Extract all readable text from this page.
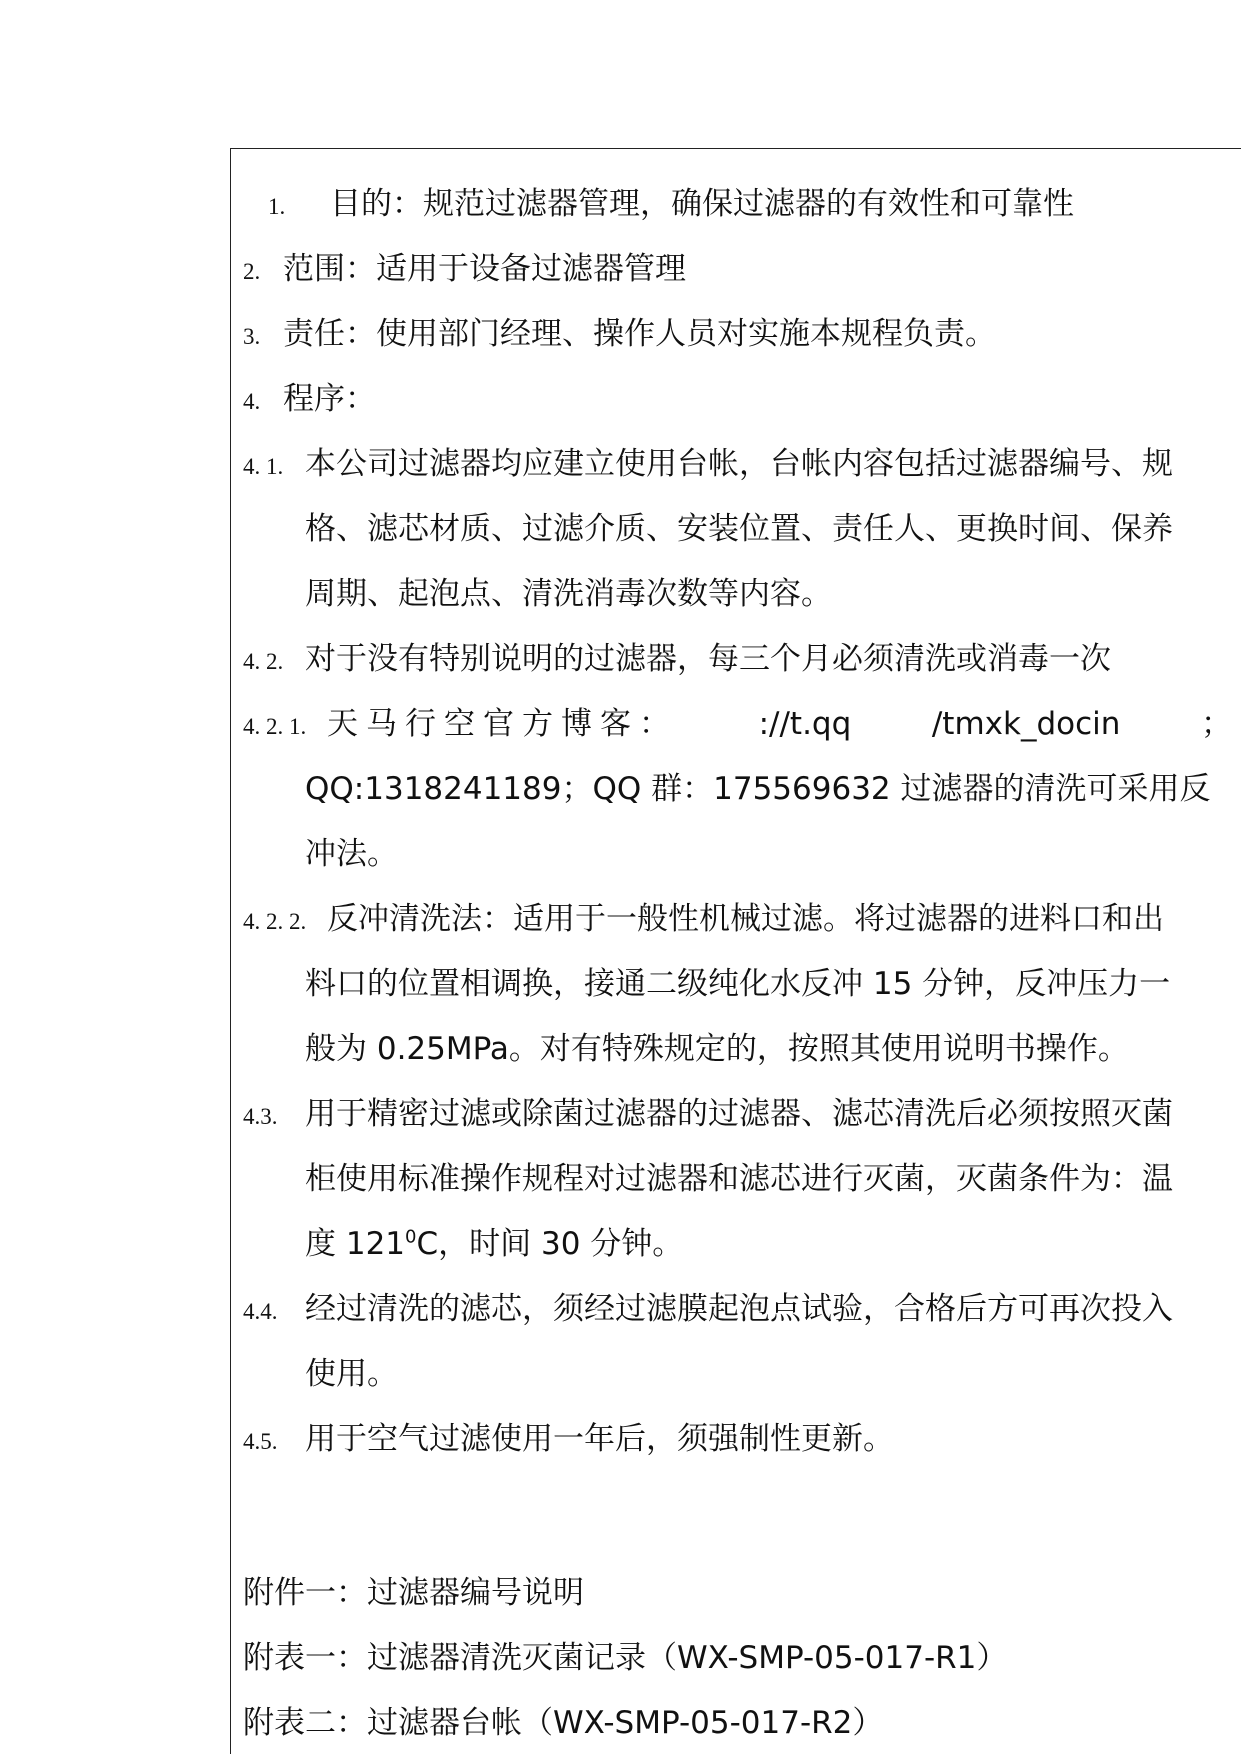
1.	目的：规范过滤器管理，确保过滤器的有效性和可靠性
2. 范围：适用于设备过滤器管理
3. 责任：使用部门经理、操作人员对实施本规程负责。
4. 程序：
4. 1. 本公司过滤器均应建立使用台帐，台帐内容包括过滤器编号、规
格、滤芯材质、过滤介质、安装位置、责任人、更换时间、保养
周期、起泡点、清洗消毒次数等内容。
4. 2. 对于没有特别说明的过滤器，每三个月必须清洗或消毒一次
4. 2. 1. 天马行空官方博客：	://t.qq	/tmxk_docin	；
QQ:1318241189；QQ 群：175569632 过滤器的清洗可采用反
冲法。
4. 2. 2. 反冲清洗法：适用于一般性机械过滤。将过滤器的进料口和出
料口的位置相调换，接通二级纯化水反冲 15 分钟，反冲压力一
般为 0.25MPa。对有特殊规定的，按照其使用说明书操作。
4.3. 用于精密过滤或除菌过滤器的过滤器、滤芯清洗后必须按照灭菌
柜使用标准操作规程对过滤器和滤芯进行灭菌，灭菌条件为：温
度 $121^0C$，时间 30 分钟。
4.4. 经过清洗的滤芯，须经过滤膜起泡点试验，合格后方可再次投入
使用。
4.5. 用于空气过滤使用一年后，须强制性更新。
附件一：过滤器编号说明
附表一：过滤器清洗灭菌记录（WX-SMP-05-017-R1）
附表二：过滤器台帐（WX-SMP-05-017-R2）
